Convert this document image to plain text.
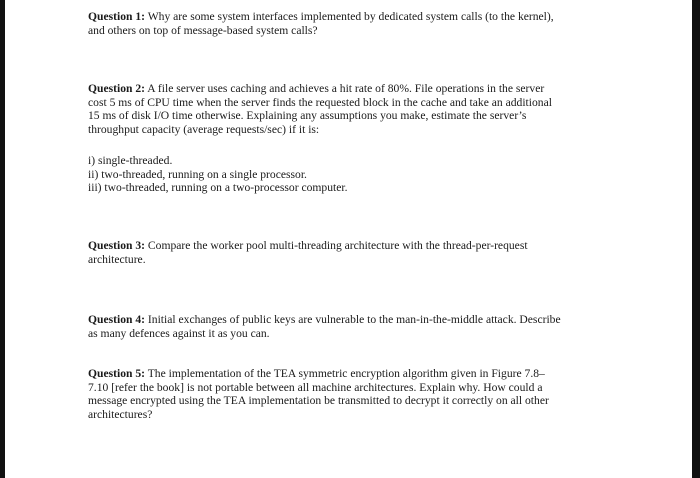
Question 1: Why are some system interfaces implemented by dedicated system calls (to the kernel),
and others on top of message-based system calls?
Question 2: A file server uses caching and achieves a hit rate of 80%. File operations in the server
cost 5 ms of CPU time when the server finds the requested block in the cache and take an additional
15 ms of disk I/O time otherwise. Explaining any assumptions you make, estimate the server’s
throughput capacity (average requests/sec) if it is:
i) single-threaded.
ii) two-threaded, running on a single processor.
iii) two-threaded, running on a two-processor computer.
Question 3: Compare the worker pool multi-threading architecture with the thread-per-request
architecture.
Question 4: Initial exchanges of public keys are vulnerable to the man-in-the-middle attack. Describe
as many defences against it as you can.
Question 5: The implementation of the TEA symmetric encryption algorithm given in Figure 7.8–
7.10 [refer the book] is not portable between all machine architectures. Explain why. How could a
message encrypted using the TEA implementation be transmitted to decrypt it correctly on all other
architectures?
